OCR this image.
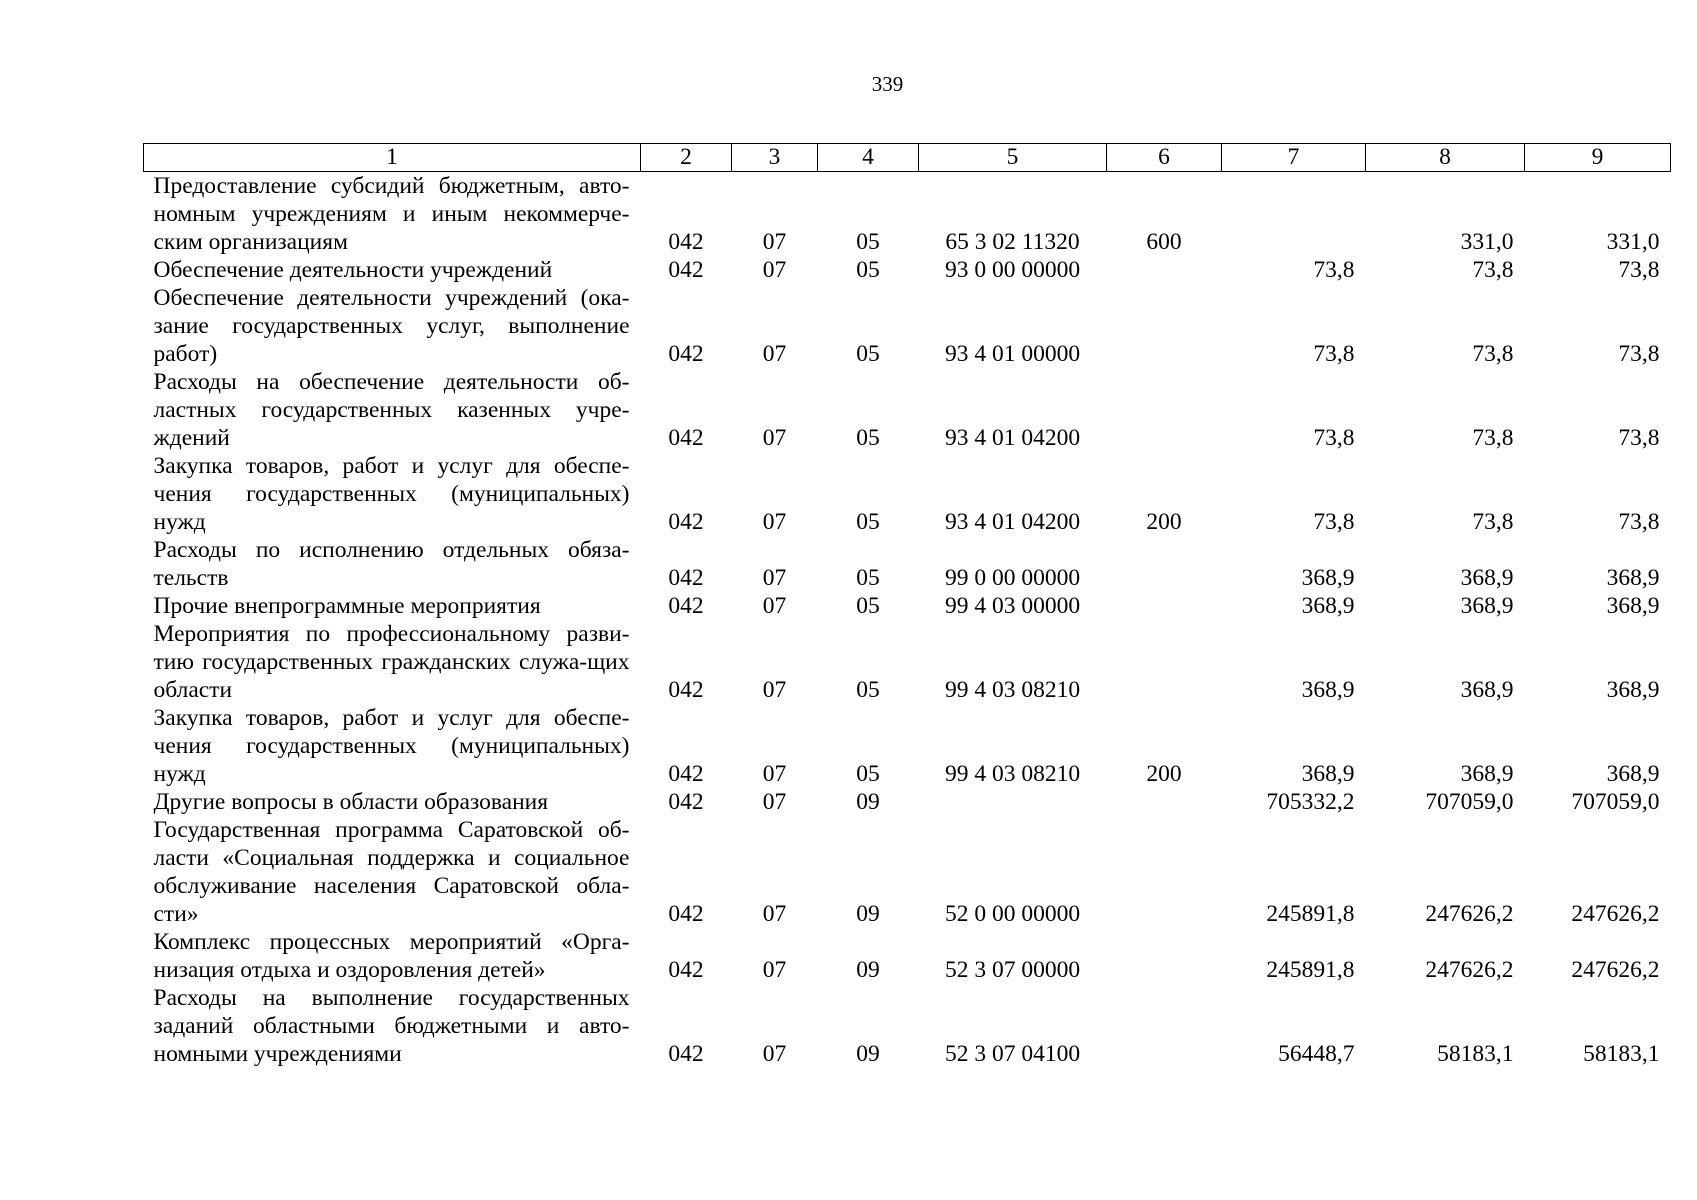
339
1	2	3	4	5	6	7	8	9
Предоставление субсидий бюджетным, авто-номным учреждениям и иным некоммерче-ским организациям	042	07	05	65 3 02 11320	600		331,0	331,0
Обеспечение деятельности учреждений	042	07	05	93 0 00 00000		73,8	73,8	73,8
Обеспечение деятельности учреждений (ока-зание государственных услуг, выполнение работ)	042	07	05	93 4 01 00000		73,8	73,8	73,8
Расходы на обеспечение деятельности об-ластных государственных казенных учре-ждений	042	07	05	93 4 01 04200		73,8	73,8	73,8
Закупка товаров, работ и услуг для обеспе-чения государственных (муниципальных) нужд	042	07	05	93 4 01 04200	200	73,8	73,8	73,8
Расходы по исполнению отдельных обяза-тельств	042	07	05	99 0 00 00000		368,9	368,9	368,9
Прочие внепрограммные мероприятия	042	07	05	99 4 03 00000		368,9	368,9	368,9
Мероприятия по профессиональному разви-тию государственных гражданских служа-щих области	042	07	05	99 4 03 08210		368,9	368,9	368,9
Закупка товаров, работ и услуг для обеспе-чения государственных (муниципальных) нужд	042	07	05	99 4 03 08210	200	368,9	368,9	368,9
Другие вопросы в области образования	042	07	09			705332,2	707059,0	707059,0
Государственная программа Саратовской об-ласти «Социальная поддержка и социальное обслуживание населения Саратовской обла-сти»	042	07	09	52 0 00 00000		245891,8	247626,2	247626,2
Комплекс процессных мероприятий «Орга-низация отдыха и оздоровления детей»	042	07	09	52 3 07 00000		245891,8	247626,2	247626,2
Расходы на выполнение государственных заданий областными бюджетными и авто-номными учреждениями	042	07	09	52 3 07 04100		56448,7	58183,1	58183,1
